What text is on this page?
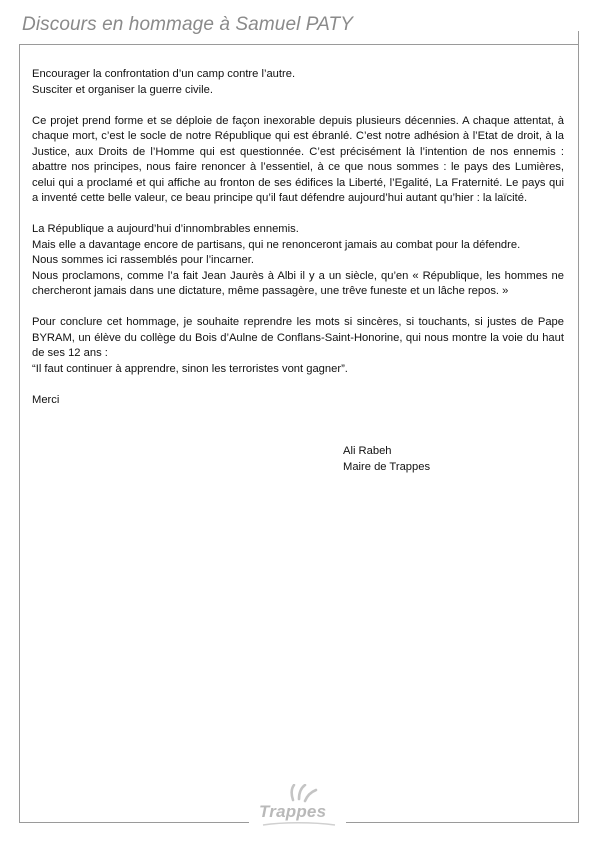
Discours en hommage à Samuel PATY

Encourager la confrontation d’un camp contre l’autre.
Susciter et organiser la guerre civile.

Ce projet prend forme et se déploie de façon inexorable depuis plusieurs décennies. A chaque attentat, à chaque mort, c’est le socle de notre République qui est ébranlé. C’est notre adhésion à l’Etat de droit, à la Justice, aux Droits de l’Homme qui est questionnée. C’est précisément là l’intention de nos ennemis : abattre nos principes, nous faire renoncer à l’essentiel, à ce que nous sommes : le pays des Lumières, celui qui a proclamé et qui affiche au fronton de ses édifices la Liberté, l’Egalité, La Fraternité. Le pays qui a inventé cette belle valeur, ce beau principe qu’il faut défendre aujourd’hui autant qu’hier : la laïcité.

La République a aujourd’hui d’innombrables ennemis.
Mais elle a davantage encore de partisans, qui ne renonceront jamais au combat pour la défendre.
Nous sommes ici rassemblés pour l’incarner.

Nous proclamons, comme l’a fait Jean Jaurès à Albi il y a un siècle, qu’en « République, les hommes ne chercheront jamais dans une dictature, même passagère, une trêve funeste et un lâche repos. »

Pour conclure cet hommage, je souhaite reprendre les mots si sincères, si touchants, si justes de Pape BYRAM, un élève du collège du Bois d’Aulne de Conflans-Saint-Honorine, qui nous montre la voie du haut de ses 12 ans :
“Il faut continuer à apprendre, sinon les terroristes vont gagner”.

Merci

Ali Rabeh
Maire de Trappes
Trappes
